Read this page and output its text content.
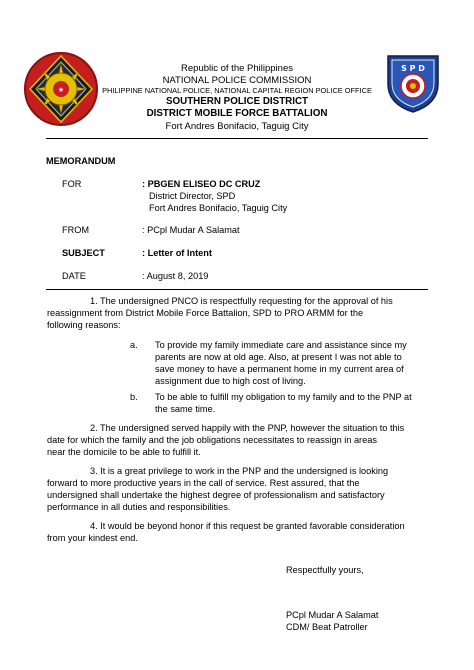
★
S P D
Republic of the Philippines
NATIONAL POLICE COMMISSION
PHILIPPINE NATIONAL POLICE, NATIONAL CAPITAL REGION POLICE OFFICE
SOUTHERN POLICE DISTRICT
DISTRICT MOBILE FORCE BATTALION
Fort Andres Bonifacio, Taguig City
MEMORANDUM
FOR	: PBGEN ELISEO DC CRUZ
District Director, SPD
Fort Andres Bonifacio, Taguig City
FROM	: PCpl Mudar A Salamat
SUBJECT	: Letter of Intent
DATE	: August 8, 2019
1. The undersigned PNCO is respectfully requesting for the approval of his
reassignment from District Mobile Force Battalion, SPD to PRO ARMM for the
following reasons:
a. To provide my family immediate care and assistance since my
parents are now at old age. Also, at present I was not able to
save money to have a permanent home in my current area of
assignment due to high cost of living.
b. To be able to fulfill my obligation to my family and to the PNP at
the same time.
2. The undersigned served happily with the PNP, however the situation to this
date for which the family and the job obligations necessitates to reassign in areas
near the domicile to be able to fulfill it.
3. It is a great privilege to work in the PNP and the undersigned is looking
forward to more productive years in the call of service. Rest assured, that the
undersigned shall undertake the highest degree of professionalism and satisfactory
performance in all duties and responsibilities.
4. It would be beyond honor if this request be granted favorable consideration
from your kindest end.
Respectfully yours,
PCpl Mudar A Salamat
CDM/ Beat Patroller
